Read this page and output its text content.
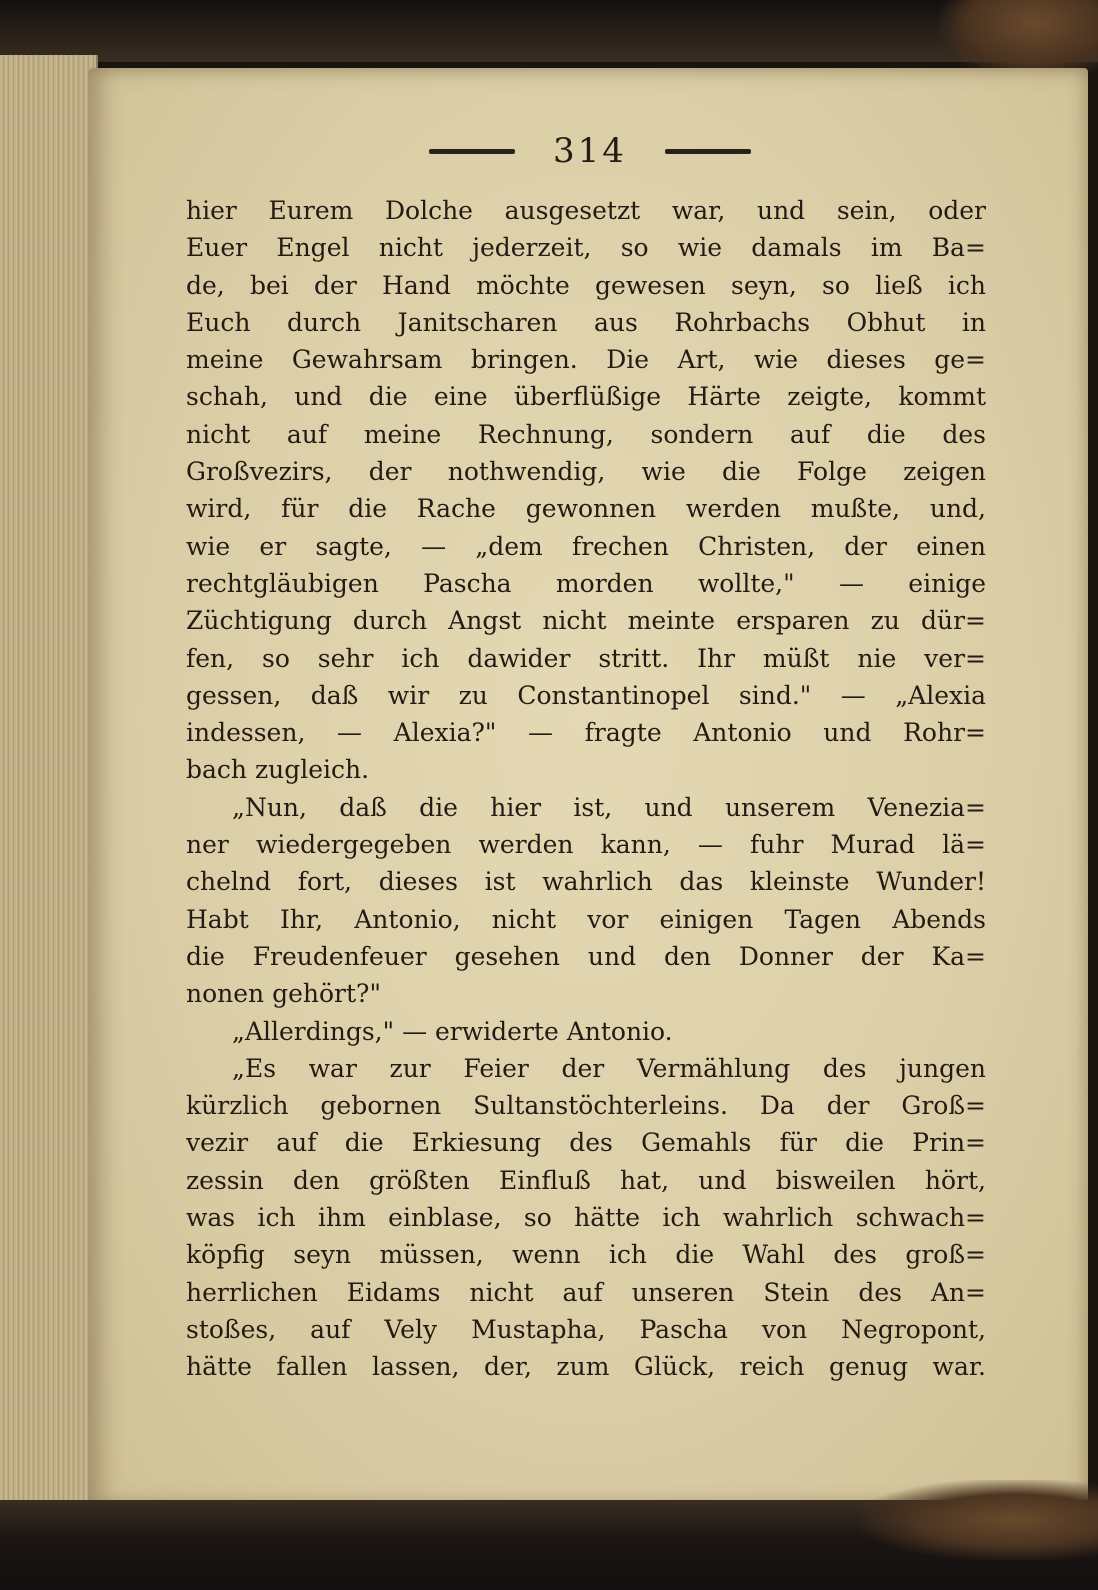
314
hier Eurem Dolche ausgesetzt war, und sein, oder
Euer Engel nicht jederzeit, so wie damals im Ba=
de, bei der Hand möchte gewesen seyn, so ließ ich
Euch durch Janitscharen aus Rohrbachs Obhut in
meine Gewahrsam bringen. Die Art, wie dieses ge=
schah, und die eine überflüßige Härte zeigte, kommt
nicht auf meine Rechnung, sondern auf die des
Großvezirs, der nothwendig, wie die Folge zeigen
wird, für die Rache gewonnen werden mußte, und,
wie er sagte, — „dem frechen Christen, der einen
rechtgläubigen Pascha morden wollte," — einige
Züchtigung durch Angst nicht meinte ersparen zu dür=
fen, so sehr ich dawider stritt. Ihr müßt nie ver=
gessen, daß wir zu Constantinopel sind." — „Alexia
indessen, — Alexia?" — fragte Antonio und Rohr=
bach zugleich.
„Nun, daß die hier ist, und unserem Venezia=
ner wiedergegeben werden kann, — fuhr Murad lä=
chelnd fort, dieses ist wahrlich das kleinste Wunder!
Habt Ihr, Antonio, nicht vor einigen Tagen Abends
die Freudenfeuer gesehen und den Donner der Ka=
nonen gehört?"
„Allerdings," — erwiderte Antonio.
„Es war zur Feier der Vermählung des jungen
kürzlich gebornen Sultanstöchterleins. Da der Groß=
vezir auf die Erkiesung des Gemahls für die Prin=
zessin den größten Einfluß hat, und bisweilen hört,
was ich ihm einblase, so hätte ich wahrlich schwach=
köpfig seyn müssen, wenn ich die Wahl des groß=
herrlichen Eidams nicht auf unseren Stein des An=
stoßes, auf Vely Mustapha, Pascha von Negropont,
hätte fallen lassen, der, zum Glück, reich genug war.
